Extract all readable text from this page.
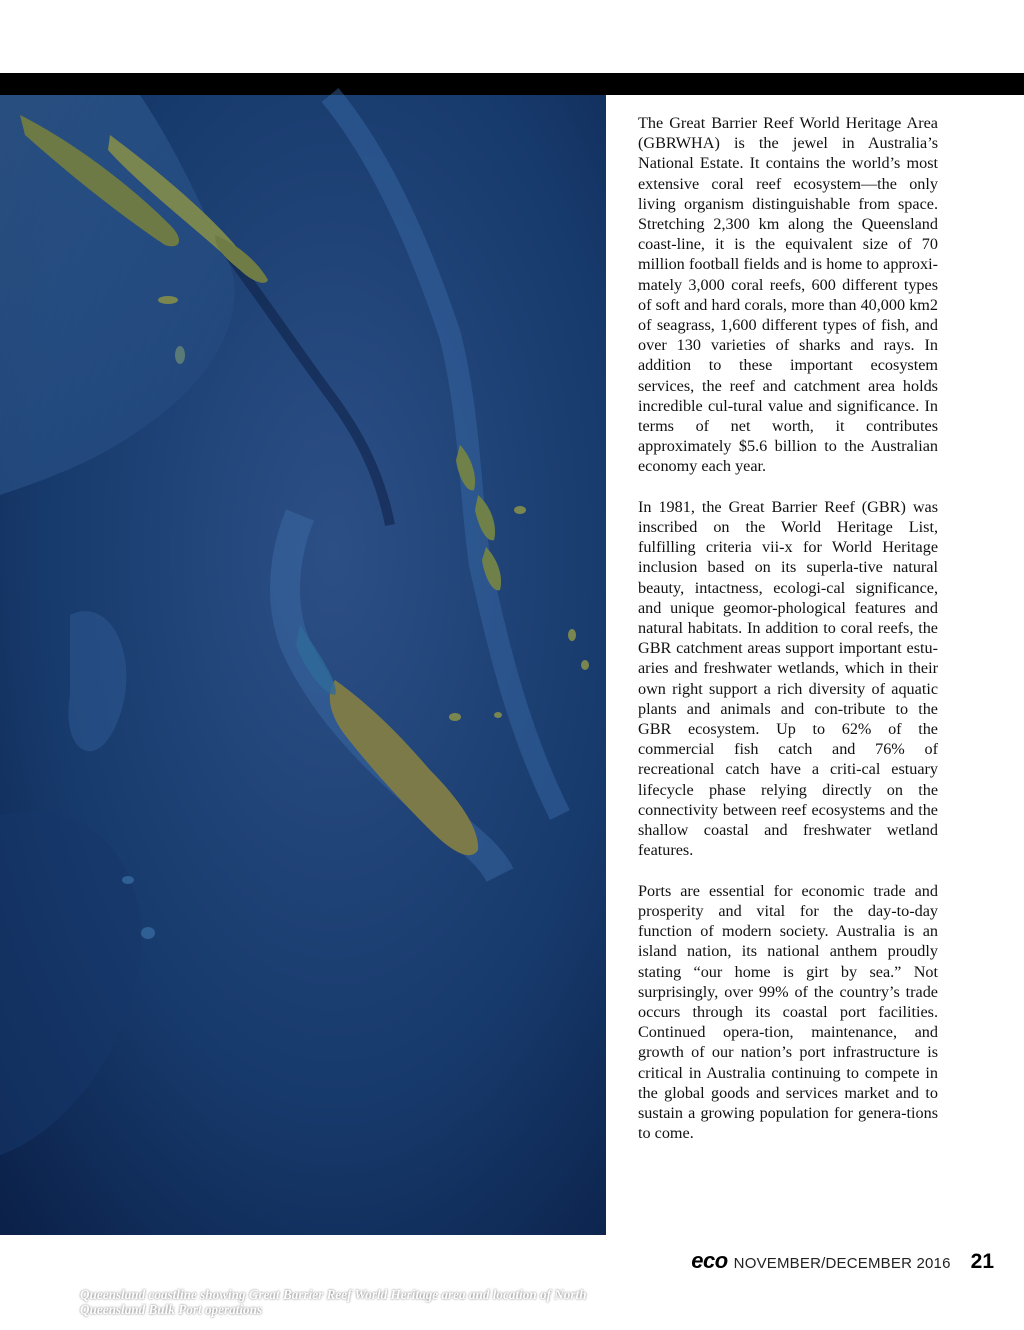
Queensland coastline showing Great Barrier Reef World Heritage area and location of North Queensland Bulk Port operations

The Great Barrier Reef World Heritage Area (GBRWHA) is the jewel in Australia’s National Estate. It contains the world’s most extensive coral reef ecosystem—the only living organism distinguishable from space. Stretching 2,300 km along the Queensland coast-line, it is the equivalent size of 70 million football fields and is home to approxi-mately 3,000 coral reefs, 600 different types of soft and hard corals, more than 40,000 km2 of seagrass, 1,600 different types of fish, and over 130 varieties of sharks and rays. In addition to these important ecosystem services, the reef and catchment area holds incredible cul-tural value and significance. In terms of net worth, it contributes approximately $5.6 billion to the Australian economy each year.

In 1981, the Great Barrier Reef (GBR) was inscribed on the World Heritage List, fulfilling criteria vii-x for World Heritage inclusion based on its superla-tive natural beauty, intactness, ecologi-cal significance, and unique geomor-phological features and natural habitats. In addition to coral reefs, the GBR catchment areas support important estu-aries and freshwater wetlands, which in their own right support a rich diversity of aquatic plants and animals and con-tribute to the GBR ecosystem. Up to 62% of the commercial fish catch and 76% of recreational catch have a criti-cal estuary lifecycle phase relying directly on the connectivity between reef ecosystems and the shallow coastal and freshwater wetland features.

Ports are essential for economic trade and prosperity and vital for the day-to-day function of modern society. Australia is an island nation, its national anthem proudly stating “our home is girt by sea.” Not surprisingly, over 99% of the country’s trade occurs through its coastal port facilities. Continued opera-tion, maintenance, and growth of our nation’s port infrastructure is critical in Australia continuing to compete in the global goods and services market and to sustain a growing population for genera-tions to come.

eco NOVEMBER/DECEMBER 2016 21
